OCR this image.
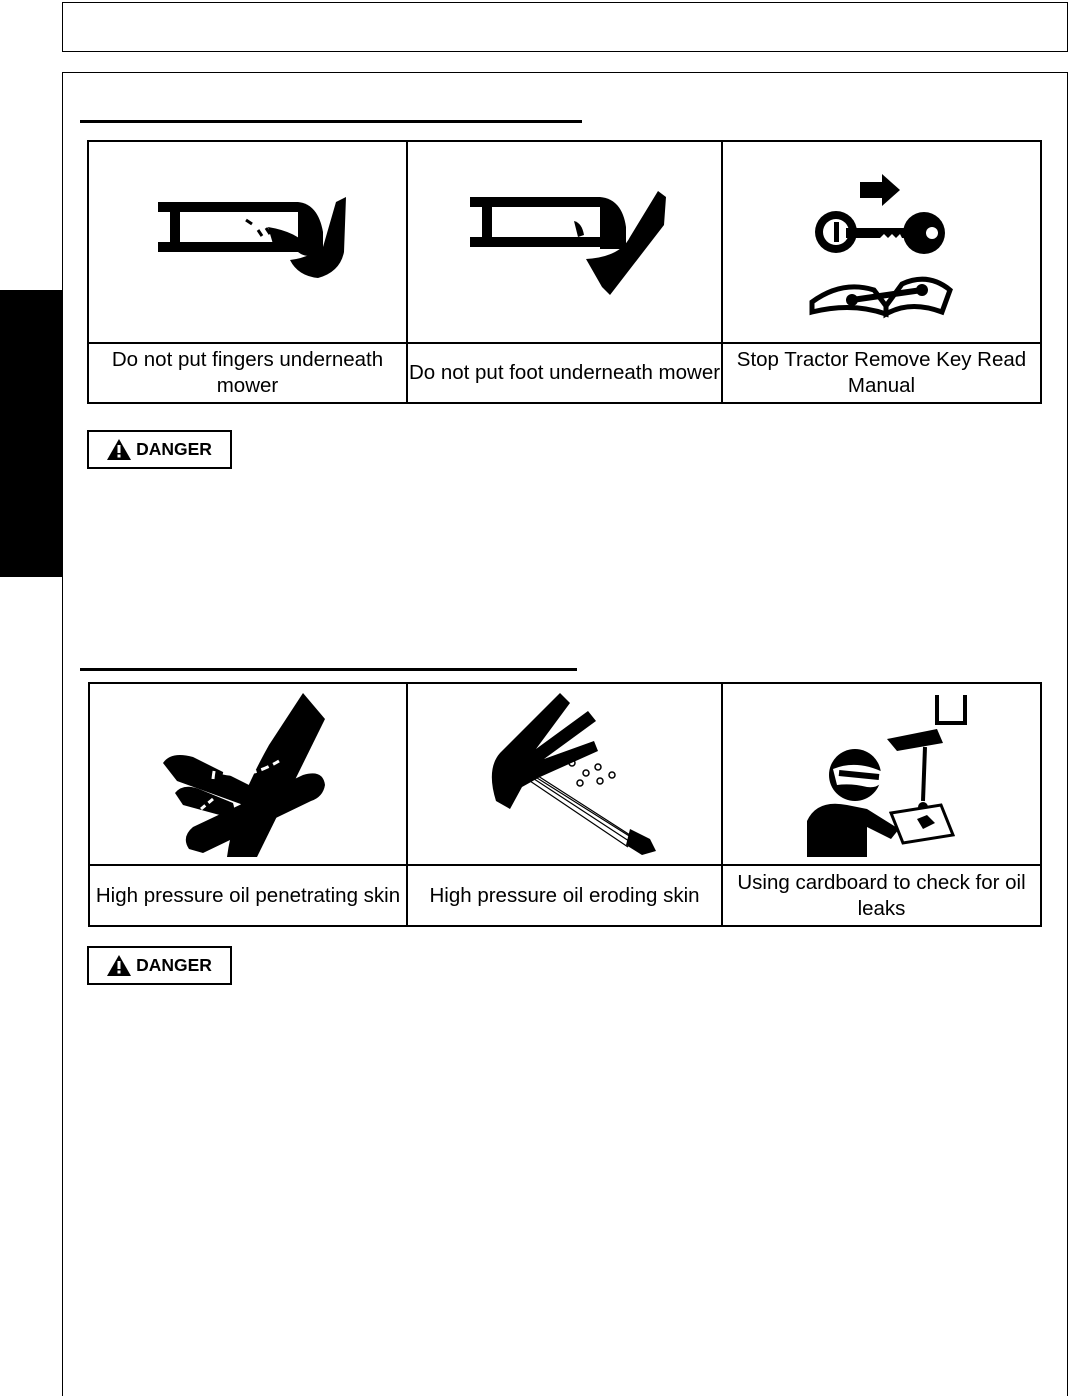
Do not put fingers underneath mower	Do not put foot underneath mower	Stop Tractor Remove Key Read Manual
DANGER

High pressure oil penetrating skin	High pressure oil eroding skin	Using cardboard to check for oil leaks
DANGER
